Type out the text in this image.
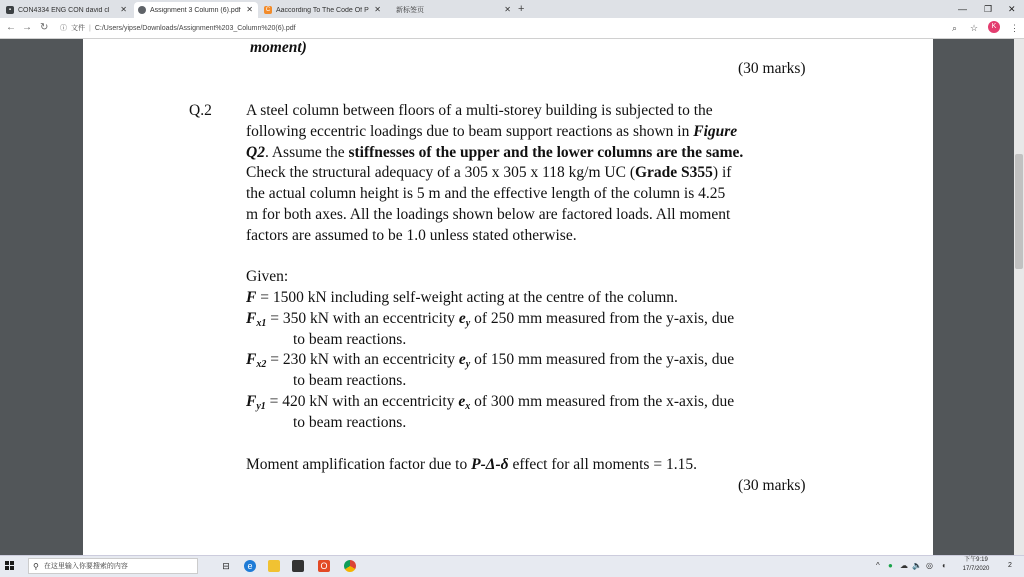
▪ CON4334 ENG CON david cl ✕	Assignment 3 Column (6).pdf ✕	C Aaccording To The Code Of P ✕	新标签页	✕ +	— ❐ ✕
← → ↻ ⓘ 文件 | C:/Users/yipse/Downloads/Assignment%203_Column%20(6).pdf	⌕ ☆	⋮
K
moment)
(30 marks)
Q.2 A steel column between floors of a multi-storey building is subjected to the
following eccentric loadings due to beam support reactions as shown in Figure
Q2. Assume the stiffnesses of the upper and the lower columns are the same.
Check the structural adequacy of a 305 x 305 x 118 kg/m UC (Grade S355) if
the actual column height is 5 m and the effective length of the column is 4.25
m for both axes. All the loadings shown below are factored loads. All moment
factors are assumed to be 1.0 unless stated otherwise.
Given:
F = 1500 kN including self-weight acting at the centre of the column.
$F_{x1} = 350$ kN with an eccentricity $e_y$ of 250 mm measured from the y-axis, due
to beam reactions.
$F_{x2} = 230$ kN with an eccentricity $e_y$ of 150 mm measured from the y-axis, due
to beam reactions.
$F_{y1} = 420$ kN with an eccentricity $e_x$ of 300 mm measured from the x-axis, due
to beam reactions.
Moment amplification factor due to P-Δ-δ effect for all moments = 1.15.
(30 marks)
⚲ 在这里输入你要搜索的内容	⊟	e	O	^ ● ☁ 🔈 ◎ ◐
下午9:19
17/7/2020	2
